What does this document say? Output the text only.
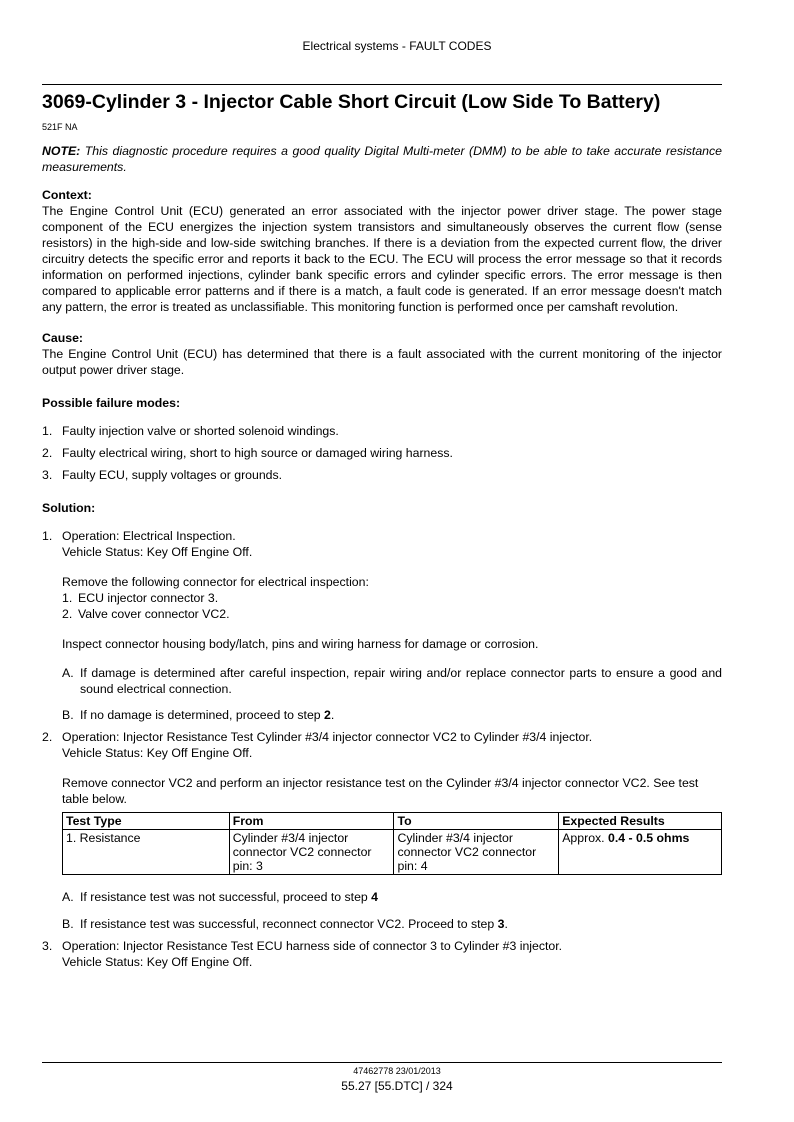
Electrical systems - FAULT CODES
3069-Cylinder 3 - Injector Cable Short Circuit (Low Side To Battery)
521F NA

NOTE: This diagnostic procedure requires a good quality Digital Multi-meter (DMM) to be able to take accurate resistance measurements.

Context:

The Engine Control Unit (ECU) generated an error associated with the injector power driver stage. The power stage component of the ECU energizes the injection system transistors and simultaneously observes the current flow (sense resistors) in the high-side and low-side switching branches. If there is a deviation from the expected current flow, the driver circuitry detects the specific error and reports it back to the ECU. The ECU will process the error message so that it records information on performed injections, cylinder bank specific errors and cylinder specific errors. The error message is then compared to applicable error patterns and if there is a match, a fault code is generated. If an error message doesn't match any pattern, the error is treated as unclassifiable. This monitoring function is performed once per camshaft revolution.

Cause:

The Engine Control Unit (ECU) has determined that there is a fault associated with the current monitoring of the injector output power driver stage.

Possible failure modes:

1. Faulty injection valve or shorted solenoid windings.
2. Faulty electrical wiring, short to high source or damaged wiring harness.
3. Faulty ECU, supply voltages or grounds.

Solution:

1. Operation: Electrical Inspection.

Vehicle Status: Key Off Engine Off.

Remove the following connector for electrical inspection:

1. ECU injector connector 3.
2. Valve cover connector VC2.

Inspect connector housing body/latch, pins and wiring harness for damage or corrosion.

A. If damage is determined after careful inspection, repair wiring and/or replace connector parts to ensure a good and sound electrical connection.
B. If no damage is determined, proceed to step 2.
2. Operation: Injector Resistance Test Cylinder #3/4 injector connector VC2 to Cylinder #3/4 injector.

Vehicle Status: Key Off Engine Off.

Remove connector VC2 and perform an injector resistance test on the Cylinder #3/4 injector connector VC2. See test table below.

Test Type	From	To	Expected Results
1. Resistance	Cylinder #3/4 injector connector VC2 connector pin: 3	Cylinder #3/4 injector connector VC2 connector pin: 4	Approx. 0.4 - 0.5 ohms
A. If resistance test was not successful, proceed to step 4
B. If resistance test was successful, reconnect connector VC2. Proceed to step 3.
3. Operation: Injector Resistance Test ECU harness side of connector 3 to Cylinder #3 injector.

Vehicle Status: Key Off Engine Off.

47462778 23/01/2013
55.27 [55.DTC] / 324
